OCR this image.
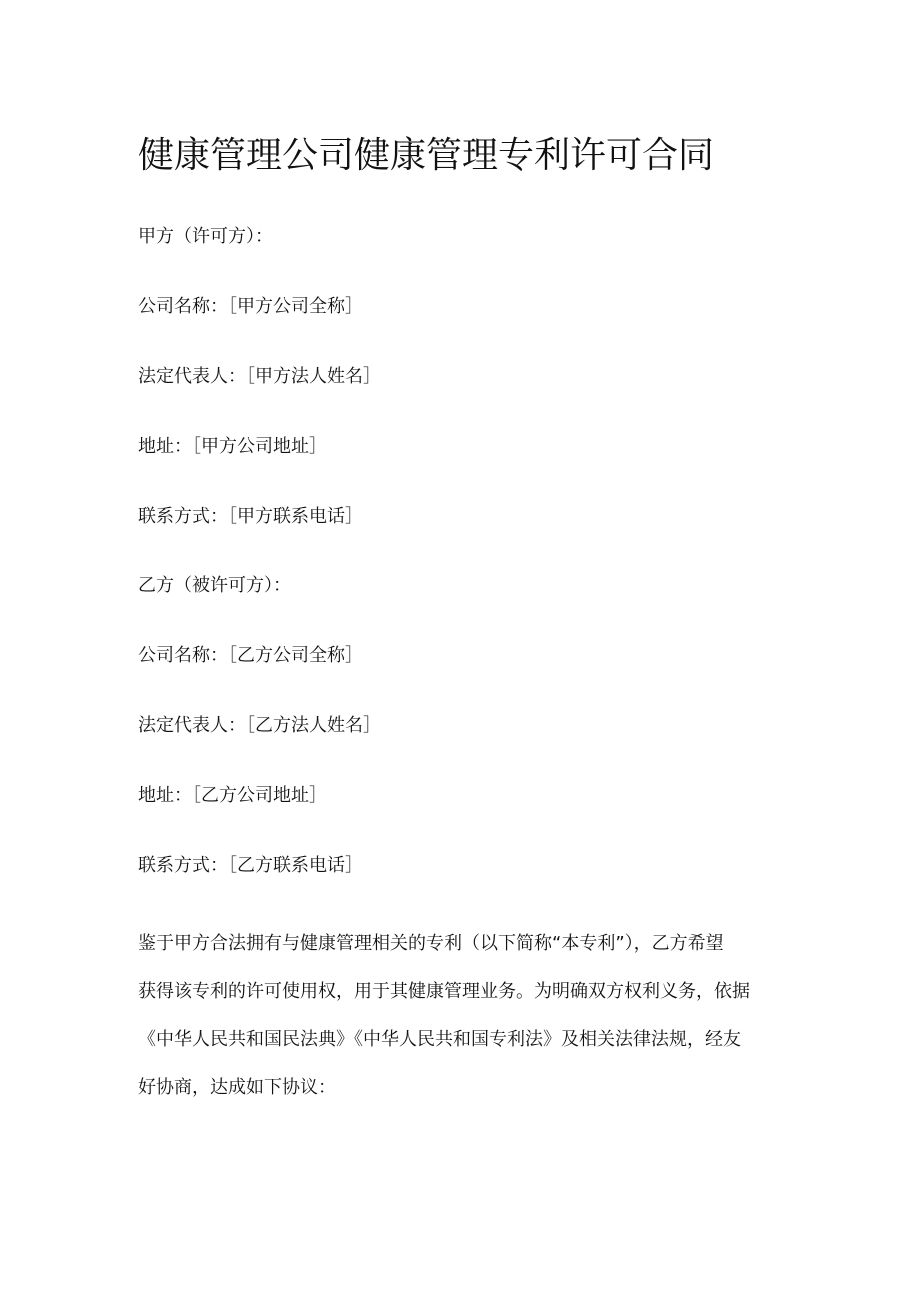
健康管理公司健康管理专利许可合同

甲方（许可方）：

公司名称：［甲方公司全称］

法定代表人：［甲方法人姓名］

地址：［甲方公司地址］

联系方式：［甲方联系电话］

乙方（被许可方）：

公司名称：［乙方公司全称］

法定代表人：［乙方法人姓名］

地址：［乙方公司地址］

联系方式：［乙方联系电话］

鉴于甲方合法拥有与健康管理相关的专利（以下简称“本专利”），乙方希望
获得该专利的许可使用权，用于其健康管理业务。为明确双方权利义务，依据
《中华人民共和国民法典》《中华人民共和国专利法》及相关法律法规，经友
好协商，达成如下协议：
